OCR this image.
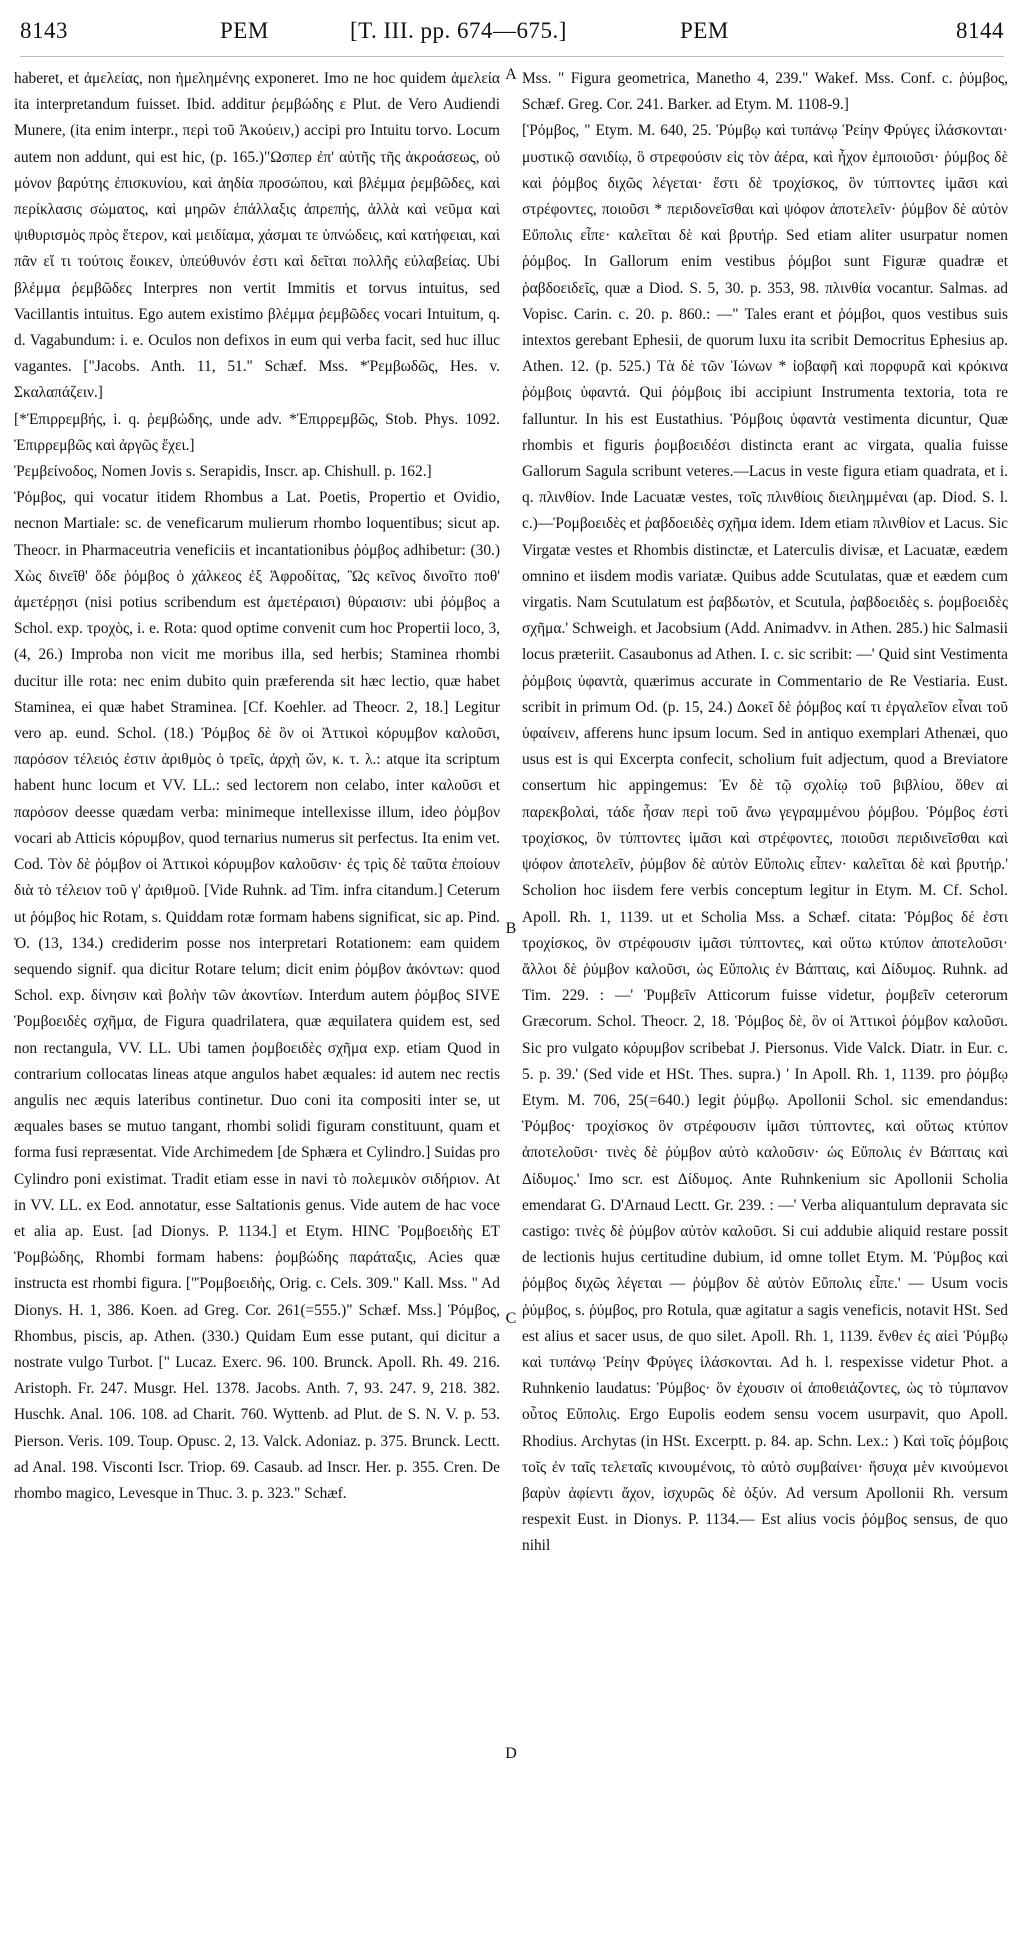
8143	ΡΕΜ	[T. III. pp. 674—675.]	ΡΕΜ	8144

haberet, et ἀμελείας, non ἠμελημένης exponeret. Imo ne hoc quidem ἀμελεία ita interpretandum fuisset. Ibid. additur ῥεμβώδης ε Plut. de Vero Audiendi Munere, (ita enim interpr., περὶ τοῦ Ἀκούειν,) accipi pro Intuitu torvo. Locum autem non addunt, qui est hic, (p. 165.)"Ωσπερ ἐπ' αὐτῆς τῆς ἀκροάσεως, οὐ μόνον βαρύτης ἐπισκυνίου, καὶ ἀηδία προσώπου, καὶ βλέμμα ῥεμβῶδες, καὶ περίκλασις σώματος, καὶ μηρῶν ἐπάλλαξις ἀπρεπής, ἀλλὰ καὶ νεῦμα καὶ ψιθυρισμὸς πρὸς ἕτερον, καὶ μειδίαμα, χάσμαι τε ὑπνώδεις, καὶ κατήφειαι, καὶ πᾶν εἴ τι τούτοις ἔοικεν, ὑπεύθυνόν ἐστι καὶ δεῖται πολλῆς εὐλαβείας. Ubi βλέμμα ῥεμβῶδες Interpres non vertit Immitis et torvus intuitus, sed Vacillantis intuitus. Ego autem existimo βλέμμα ῥεμβῶδες vocari Intuitum, q. d. Vagabundum: i. e. Oculos non defixos in eum qui verba facit, sed huc illuc vagantes. ["Jacobs. Anth. 11, 51." Schæf. Mss. *Ῥεμβωδῶς, Hes. v. Σκαλαπάζειν.]

[*Ἐπιρρεμβής, i. q. ῥεμβώδης, unde adv. *Ἐπιρρεμβῶς, Stob. Phys. 1092. Ἐπιρρεμβῶς καὶ ἀργῶς ἔχει.]

Ῥεμβείνοδος, Nomen Jovis s. Serapidis, Inscr. ap. Chishull. p. 162.]

Ῥόμβος, qui vocatur itidem Rhombus a Lat. Poetis, Propertio et Ovidio, necnon Martiale: sc. de veneficarum mulierum rhombo loquentibus; sicut ap. Theocr. in Pharmaceutria veneficiis et incantationibus ῥόμβος adhibetur: (30.) Χὼς δινεῖθ' ὅδε ῥόμβος ὁ χάλκεος ἐξ Ἀφροδίτας, Ὣς κεῖνος δινοῖτο ποθ' ἁμετέρῃσι (nisi potius scribendum est ἁμετέραισι) θύραισιν: ubi ῥόμβος a Schol. exp. τροχὸς, i. e. Rota: quod optime convenit cum hoc Propertii loco, 3, (4, 26.) Improba non vicit me moribus illa, sed herbis; Staminea rhombi ducitur ille rota: nec enim dubito quin præferenda sit hæc lectio, quæ habet Staminea, ei quæ habet Straminea. [Cf. Koehler. ad Theocr. 2, 18.] Legitur vero ap. eund. Schol. (18.) Ῥόμβος δὲ ὃν οἱ Ἀττικοὶ κόρυμβον καλοῦσι, παρόσον τέλειός ἐστιν ἀριθμὸς ὁ τρεῖς, ἀρχὴ ὤν, κ. τ. λ.: atque ita scriptum habent hunc locum et VV. LL.: sed lectorem non celabo, inter καλοῦσι et παρόσον deesse quædam verba: minimeque intellexisse illum, ideo ῥόμβον vocari ab Atticis κόρυμβον, quod ternarius numerus sit perfectus. Ita enim vet. Cod. Τὸν δὲ ῥόμβον οἱ Ἀττικοὶ κόρυμβον καλοῦσιν· ἐς τρὶς δὲ ταῦτα ἐποίουν διὰ τὸ τέλειον τοῦ γ' ἀριθμοῦ. [Vide Ruhnk. ad Tim. infra citandum.] Ceterum ut ῥόμβος hic Rotam, s. Quiddam rotæ formam habens significat, sic ap. Pind. Ὀ. (13, 134.) crediderim posse nos interpretari Rotationem: eam quidem sequendo signif. qua dicitur Rotare telum; dicit enim ῥόμβον ἀκόντων: quod Schol. exp. δίνησιν καὶ βολὴν τῶν ἀκοντίων. Interdum autem ῥόμβος SIVE Ῥομβοειδὲς σχῆμα, de Figura quadrilatera, quæ æquilatera quidem est, sed non rectangula, VV. LL. Ubi tamen ῥομβοειδὲς σχῆμα exp. etiam Quod in contrarium collocatas lineas atque angulos habet æquales: id autem nec rectis angulis nec æquis lateribus continetur. Duo coni ita compositi inter se, ut æquales bases se mutuo tangant, rhombi solidi figuram constituunt, quam et forma fusi repræsentat. Vide Archimedem [de Sphæra et Cylindro.] Suidas pro Cylindro poni existimat. Tradit etiam esse in navi τὸ πολεμικὸν σιδήριον. At in VV. LL. ex Eod. annotatur, esse Saltationis genus. Vide autem de hac voce et alia ap. Eust. [ad Dionys. P. 1134.] et Etym. HINC Ῥομβοειδὴς ET Ῥομβώδης, Rhombi formam habens: ῥομβώδης παράταξις, Acies quæ instructa est rhombi figura. ["Ῥομβοειδὴς, Orig. c. Cels. 309." Kall. Mss. " Ad Dionys. H. 1, 386. Koen. ad Greg. Cor. 261(=555.)" Schæf. Mss.] Ῥόμβος, Rhombus, piscis, ap. Athen. (330.) Quidam Eum esse putant, qui dicitur a nostrate vulgo Turbot. [" Lucaz. Exerc. 96. 100. Brunck. Apoll. Rh. 49. 216. Aristoph. Fr. 247. Musgr. Hel. 1378. Jacobs. Anth. 7, 93. 247. 9, 218. 382. Huschk. Anal. 106. 108. ad Charit. 760. Wyttenb. ad Plut. de S. N. V. p. 53. Pierson. Veris. 109. Toup. Opusc. 2, 13. Valck. Adoniaz. p. 375. Brunck. Lectt. ad Anal. 198. Visconti Iscr. Triop. 69. Casaub. ad Inscr. Her. p. 355. Cren. De rhombo magico, Levesque in Thuc. 3. p. 323." Schæf.

A
B
C
D

Mss. " Figura geometrica, Manetho 4, 239." Wakef. Mss. Conf. c. ῥύμβος, Schæf. Greg. Cor. 241. Barker. ad Etym. M. 1108-9.]

[Ῥόμβος, " Etym. M. 640, 25. Ῥύμβῳ καὶ τυπάνῳ Ῥείην Φρύγες ἱλάσκονται· μυστικῷ σανιδίῳ, ὃ στρεφούσιν εἰς τὸν ἀέρα, καὶ ἦχον ἐμποιοῦσι· ῥύμβος δὲ καὶ ῥόμβος διχῶς λέγεται· ἔστι δὲ τροχίσκος, ὃν τύπτοντες ἱμᾶσι καὶ στρέφοντες, ποιοῦσι * περιδονεῖσθαι καὶ ψόφον ἀποτελεῖν· ῥύμβον δὲ αὐτὸν Εὔπολις εἶπε· καλεῖται δὲ καὶ βρυτήρ. Sed etiam aliter usurpatur nomen ῥόμβος. In Gallorum enim vestibus ῥόμβοι sunt Figuræ quadræ et ῥαβδοειδεῖς, quæ a Diod. S. 5, 30. p. 353, 98. πλινθία vocantur. Salmas. ad Vopisc. Carin. c. 20. p. 860.: —" Tales erant et ῥόμβοι, quos vestibus suis intextos gerebant Ephesii, de quorum luxu ita scribit Democritus Ephesius ap. Athen. 12. (p. 525.) Τὰ δὲ τῶν Ἰώνων * ἰοβαφῆ καὶ πορφυρᾶ καὶ κρόκινα ῥόμβοις ὑφαντά. Qui ῥόμβοις ibi accipiunt Instrumenta textoria, tota re falluntur. In his est Eustathius. Ῥόμβοις ὑφαντὰ vestimenta dicuntur, Quæ rhombis et figuris ῥομβοειδέσι distincta erant ac virgata, qualia fuisse Gallorum Sagula scribunt veteres.—Lacus in veste figura etiam quadrata, et i. q. πλινθίον. Inde Lacuatæ vestes, τοῖς πλινθίοις διειλημμέναι (ap. Diod. S. l. c.)—Ῥομβοειδὲς et ῥαβδοειδὲς σχῆμα idem. Idem etiam πλινθίον et Lacus. Sic Virgatæ vestes et Rhombis distinctæ, et Laterculis divisæ, et Lacuatæ, eædem omnino et iisdem modis variatæ. Quibus adde Scutulatas, quæ et eædem cum virgatis. Nam Scutulatum est ῥαβδωτὸν, et Scutula, ῥαβδοειδὲς s. ῥομβοειδὲς σχῆμα.' Schweigh. et Jacobsium (Add. Animadvv. in Athen. 285.) hic Salmasii locus præteriit. Casaubonus ad Athen. I. c. sic scribit: —' Quid sint Vestimenta ῥόμβοις ὑφαντὰ, quærimus accurate in Commentario de Re Vestiaria. Eust. scribit in primum Od. (p. 15, 24.) Δοκεῖ δὲ ῥόμβος καί τι ἐργαλεῖον εἶναι τοῦ ὑφαίνειν, afferens hunc ipsum locum. Sed in antiquo exemplari Athenæi, quo usus est is qui Excerpta confecit, scholium fuit adjectum, quod a Breviatore consertum hic appingemus: Ἐν δὲ τῷ σχολίῳ τοῦ βιβλίου, ὅθεν αἱ παρεκβολαὶ, τάδε ἦσαν περὶ τοῦ ἄνω γεγραμμένου ῥόμβου. Ῥόμβος ἐστὶ τροχίσκος, ὃν τύπτοντες ἱμᾶσι καὶ στρέφοντες, ποιοῦσι περιδινεῖσθαι καὶ ψόφον ἀποτελεῖν, ῥύμβον δὲ αὐτὸν Εὔπολις εἶπεν· καλεῖται δὲ καὶ βρυτήρ.' Scholion hoc iisdem fere verbis conceptum legitur in Etym. M. Cf. Schol. Apoll. Rh. 1, 1139. ut et Scholia Mss. a Schæf. citata: Ῥόμβος δέ ἐστι τροχίσκος, ὃν στρέφουσιν ἱμᾶσι τύπτοντες, καὶ οὕτω κτύπον ἀποτελοῦσι· ἄλλοι δὲ ῥύμβον καλοῦσι, ὡς Εὔπολις ἐν Βάπταις, καὶ Δίδυμος. Ruhnk. ad Tim. 229. : —' Ῥυμβεῖν Atticorum fuisse videtur, ῥομβεῖν ceterorum Græcorum. Schol. Theocr. 2, 18. Ῥόμβος δὲ, ὃν οἱ Ἀττικοὶ ῥόμβον καλοῦσι. Sic pro vulgato κόρυμβον scribebat J. Piersonus. Vide Valck. Diatr. in Eur. c. 5. p. 39.' (Sed vide et HSt. Thes. supra.) ' In Apoll. Rh. 1, 1139. pro ῥόμβῳ Etym. M. 706, 25(=640.) legit ῥύμβῳ. Apollonii Schol. sic emendandus: Ῥόμβος· τροχίσκος ὃν στρέφουσιν ἱμᾶσι τύπτοντες, καὶ οὕτως κτύπον ἀποτελοῦσι· τινὲς δὲ ῥύμβον αὐτὸ καλοῦσιν· ὡς Εὔπολις ἐν Βάπταις καὶ Δίδυμος.' Imo scr. est Δίδυμος. Ante Ruhnkenium sic Apollonii Scholia emendarat G. D'Arnaud Lectt. Gr. 239. : —' Verba aliquantulum depravata sic castigo: τινὲς δὲ ῥύμβον αὐτὸν καλοῦσι. Si cui addubie aliquid restare possit de lectionis hujus certitudine dubium, id omne tollet Etym. M. Ῥύμβος καὶ ῥόμβος διχῶς λέγεται — ῥύμβον δὲ αὐτὸν Εὔπολις εἶπε.' — Usum vocis ῥύμβος, s. ῥύμβος, pro Rotula, quæ agitatur a sagis veneficis, notavit HSt. Sed est alius et sacer usus, de quo silet. Apoll. Rh. 1, 1139. ἔνθεν ἐς αἰεὶ Ῥύμβῳ καὶ τυπάνῳ Ῥείην Φρύγες ἱλάσκονται. Ad h. l. respexisse videtur Phot. a Ruhnkenio laudatus: Ῥύμβος· ὃν ἐχουσιν οἱ ἀποθειάζοντες, ὡς τὸ τύμπανον οὗτος Εὔπολις. Ergo Eupolis eodem sensu vocem usurpavit, quo Apoll. Rhodius. Archytas (in HSt. Excerptt. p. 84. ap. Schn. Lex.: ) Καὶ τοῖς ῥόμβοις τοῖς ἐν ταῖς τελεταῖς κινουμένοις, τὸ αὐτὸ συμβαίνει· ἥσυχα μὲν κινούμενοι βαρὺν ἀφίεντι ἄχον, ἰσχυρῶς δὲ ὀξύν. Ad versum Apollonii Rh. versum respexit Eust. in Dionys. P. 1134.— Est alius vocis ῥόμβος sensus, de quo nihil
